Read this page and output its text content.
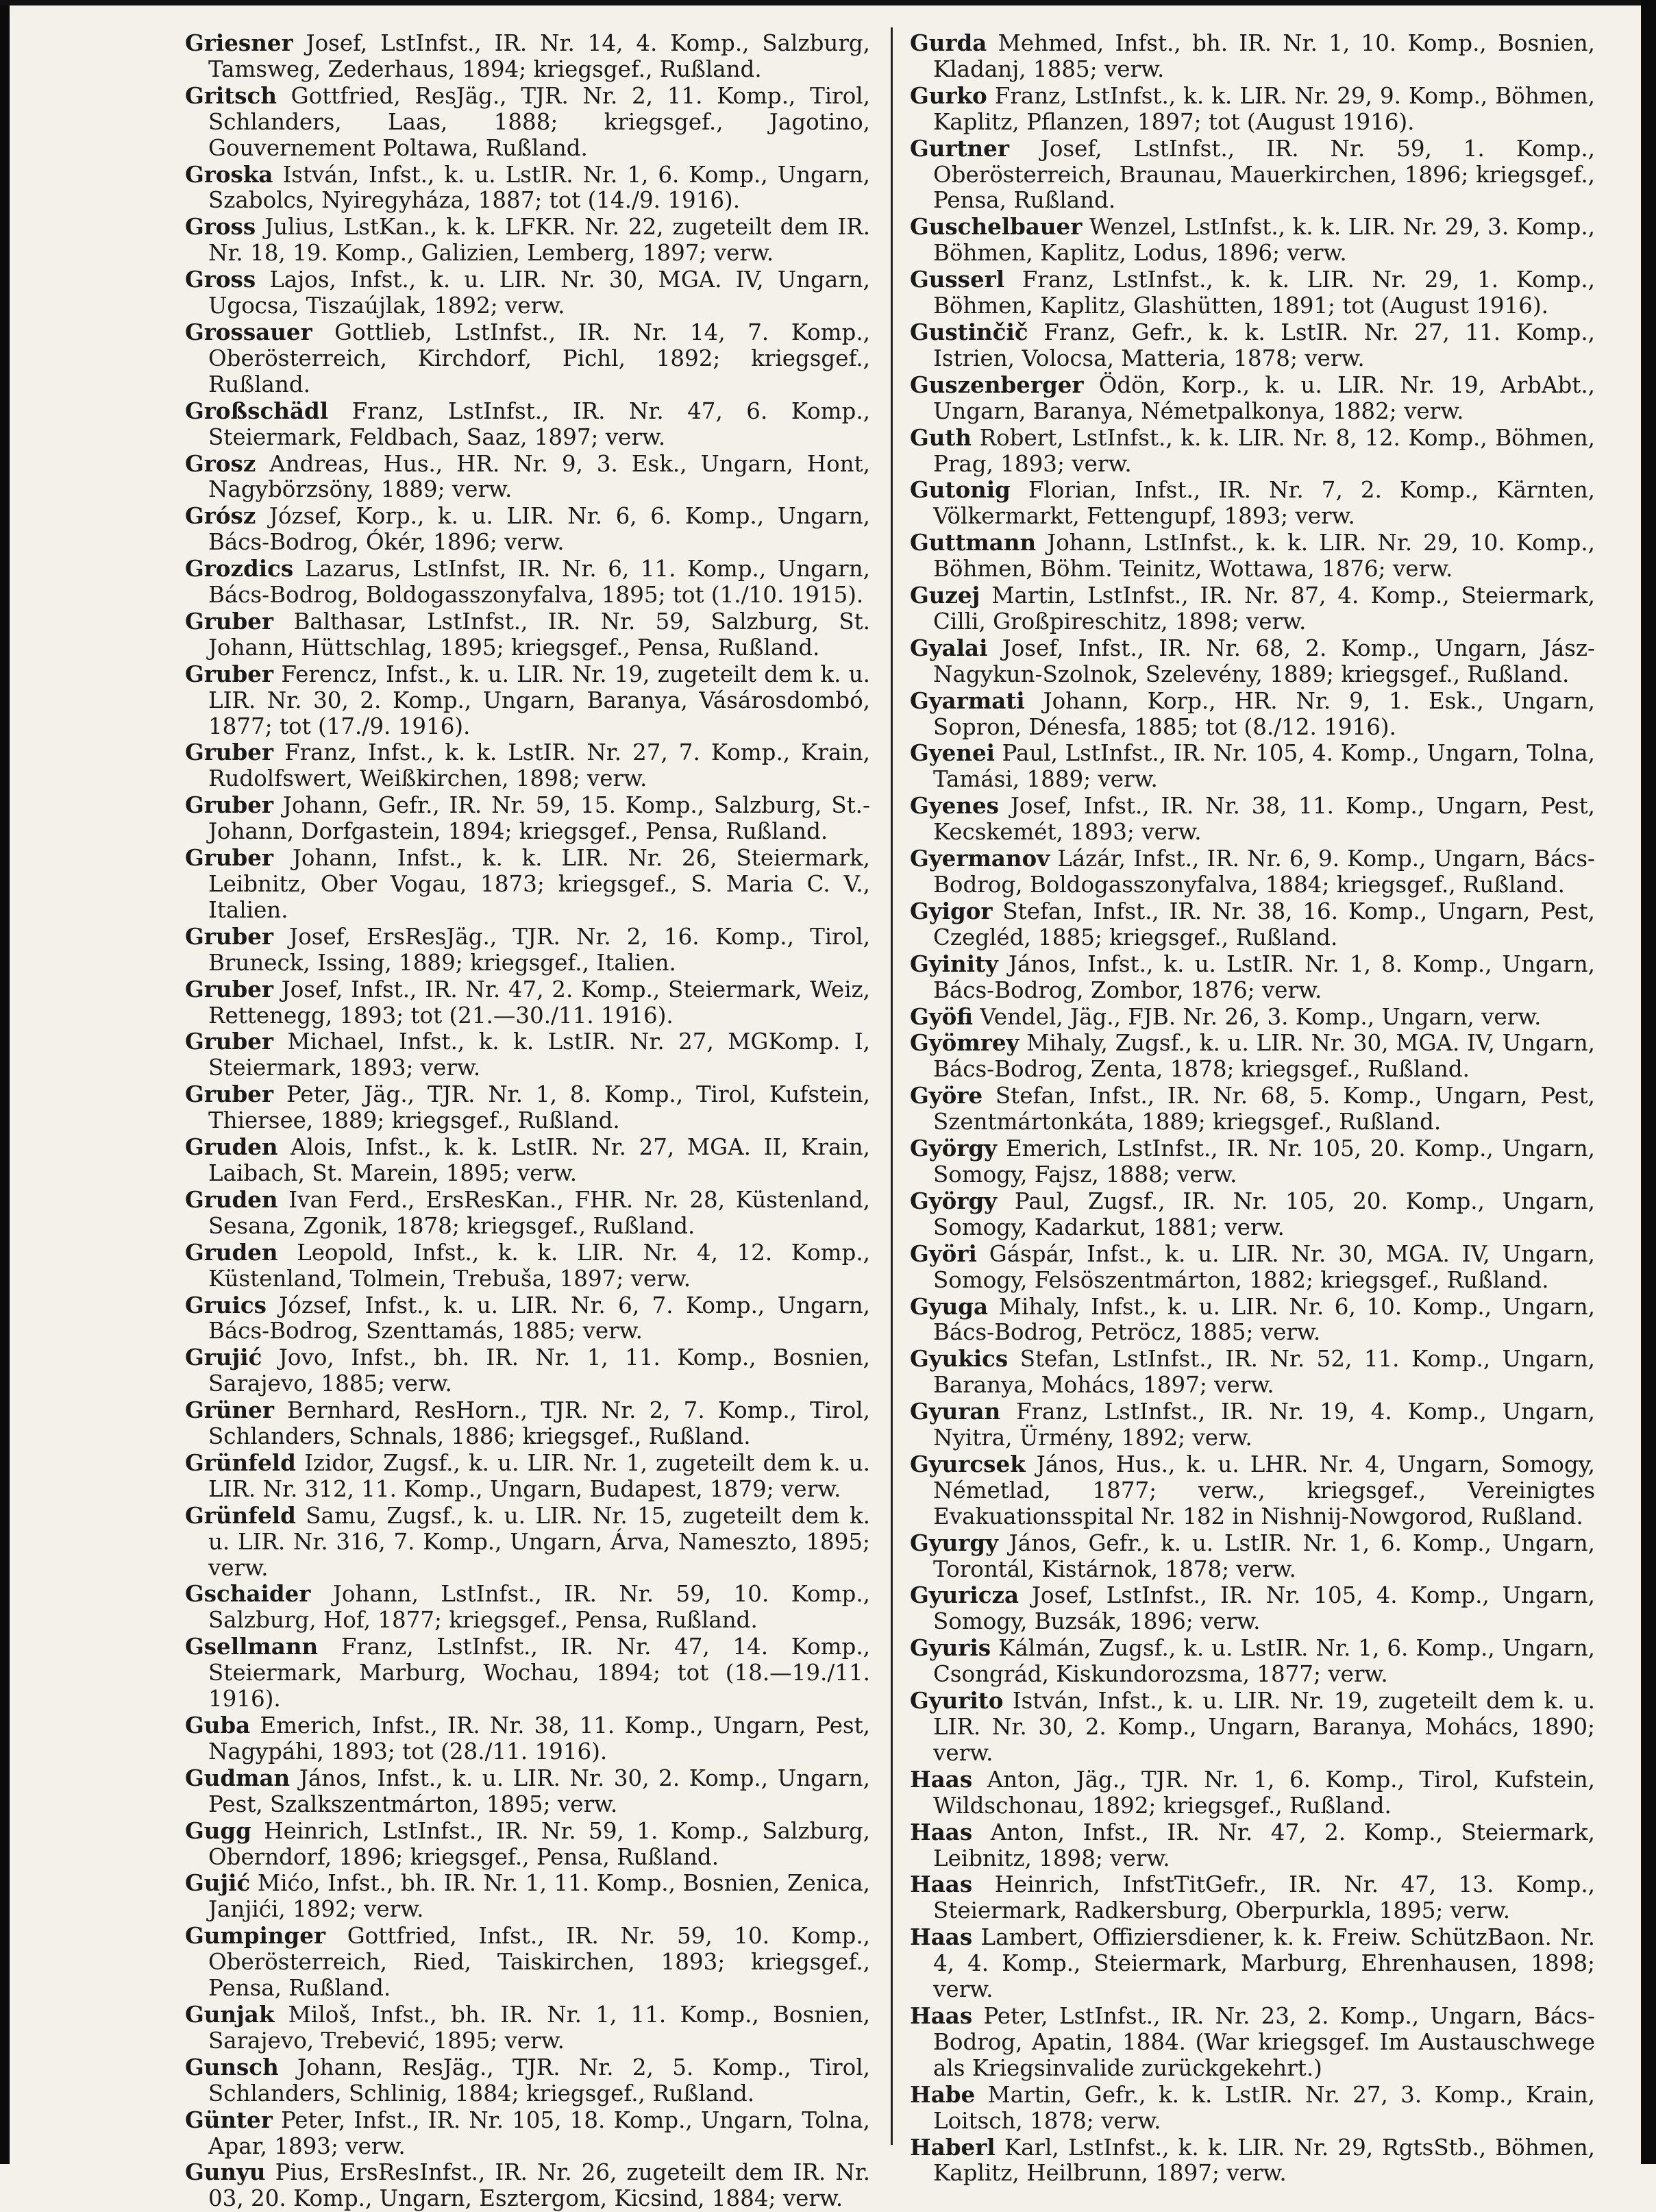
Griesner Josef, LstInfst., IR. Nr. 14, 4. Komp., Salzburg, Tamsweg, Zederhaus, 1894; kriegsgef., Rußland.

Gritsch Gottfried, ResJäg., TJR. Nr. 2, 11. Komp., Tirol, Schlanders, Laas, 1888; kriegsgef., Jagotino, Gouvernement Poltawa, Rußland.

Groska István, Infst., k. u. LstIR. Nr. 1, 6. Komp., Ungarn, Szabolcs, Nyiregyháza, 1887; tot (14./9. 1916).

Gross Julius, LstKan., k. k. LFKR. Nr. 22, zugeteilt dem IR. Nr. 18, 19. Komp., Galizien, Lemberg, 1897; verw.

Gross Lajos, Infst., k. u. LIR. Nr. 30, MGA. IV, Ungarn, Ugocsa, Tiszaújlak, 1892; verw.

Grossauer Gottlieb, LstInfst., IR. Nr. 14, 7. Komp., Oberösterreich, Kirchdorf, Pichl, 1892; kriegsgef., Rußland.

Großschädl Franz, LstInfst., IR. Nr. 47, 6. Komp., Steiermark, Feldbach, Saaz, 1897; verw.

Grosz Andreas, Hus., HR. Nr. 9, 3. Esk., Ungarn, Hont, Nagybörzsöny, 1889; verw.

Grósz József, Korp., k. u. LIR. Nr. 6, 6. Komp., Ungarn, Bács-Bodrog, Ókér, 1896; verw.

Grozdics Lazarus, LstInfst, IR. Nr. 6, 11. Komp., Ungarn, Bács-Bodrog, Boldogasszonyfalva, 1895; tot (1./10. 1915).

Gruber Balthasar, LstInfst., IR. Nr. 59, Salzburg, St. Johann, Hüttschlag, 1895; kriegsgef., Pensa, Rußland.

Gruber Ferencz, Infst., k. u. LIR. Nr. 19, zugeteilt dem k. u. LIR. Nr. 30, 2. Komp., Ungarn, Baranya, Vásárosdombó, 1877; tot (17./9. 1916).

Gruber Franz, Infst., k. k. LstIR. Nr. 27, 7. Komp., Krain, Rudolfswert, Weißkirchen, 1898; verw.

Gruber Johann, Gefr., IR. Nr. 59, 15. Komp., Salzburg, St.-Johann, Dorfgastein, 1894; kriegsgef., Pensa, Rußland.

Gruber Johann, Infst., k. k. LIR. Nr. 26, Steiermark, Leibnitz, Ober Vogau, 1873; kriegsgef., S. Maria C. V., Italien.

Gruber Josef, ErsResJäg., TJR. Nr. 2, 16. Komp., Tirol, Bruneck, Issing, 1889; kriegsgef., Italien.

Gruber Josef, Infst., IR. Nr. 47, 2. Komp., Steiermark, Weiz, Rettenegg, 1893; tot (21.—30./11. 1916).

Gruber Michael, Infst., k. k. LstIR. Nr. 27, MGKomp. I, Steiermark, 1893; verw.

Gruber Peter, Jäg., TJR. Nr. 1, 8. Komp., Tirol, Kufstein, Thiersee, 1889; kriegsgef., Rußland.

Gruden Alois, Infst., k. k. LstIR. Nr. 27, MGA. II, Krain, Laibach, St. Marein, 1895; verw.

Gruden Ivan Ferd., ErsResKan., FHR. Nr. 28, Küstenland, Sesana, Zgonik, 1878; kriegsgef., Rußland.

Gruden Leopold, Infst., k. k. LIR. Nr. 4, 12. Komp., Küstenland, Tolmein, Trebuša, 1897; verw.

Gruics József, Infst., k. u. LIR. Nr. 6, 7. Komp., Ungarn, Bács-Bodrog, Szenttamás, 1885; verw.

Grujić Jovo, Infst., bh. IR. Nr. 1, 11. Komp., Bosnien, Sarajevo, 1885; verw.

Grüner Bernhard, ResHorn., TJR. Nr. 2, 7. Komp., Tirol, Schlanders, Schnals, 1886; kriegsgef., Rußland.

Grünfeld Izidor, Zugsf., k. u. LIR. Nr. 1, zugeteilt dem k. u. LIR. Nr. 312, 11. Komp., Ungarn, Budapest, 1879; verw.

Grünfeld Samu, Zugsf., k. u. LIR. Nr. 15, zugeteilt dem k. u. LIR. Nr. 316, 7. Komp., Ungarn, Árva, Nameszto, 1895; verw.

Gschaider Johann, LstInfst., IR. Nr. 59, 10. Komp., Salzburg, Hof, 1877; kriegsgef., Pensa, Rußland.

Gsellmann Franz, LstInfst., IR. Nr. 47, 14. Komp., Steiermark, Marburg, Wochau, 1894; tot (18.—19./11. 1916).

Guba Emerich, Infst., IR. Nr. 38, 11. Komp., Ungarn, Pest, Nagypáhi, 1893; tot (28./11. 1916).

Gudman János, Infst., k. u. LIR. Nr. 30, 2. Komp., Ungarn, Pest, Szalkszentmárton, 1895; verw.

Gugg Heinrich, LstInfst., IR. Nr. 59, 1. Komp., Salzburg, Oberndorf, 1896; kriegsgef., Pensa, Rußland.

Gujić Mićo, Infst., bh. IR. Nr. 1, 11. Komp., Bosnien, Zenica, Janjići, 1892; verw.

Gumpinger Gottfried, Infst., IR. Nr. 59, 10. Komp., Oberösterreich, Ried, Taiskirchen, 1893; kriegsgef., Pensa, Rußland.

Gunjak Miloš, Infst., bh. IR. Nr. 1, 11. Komp., Bosnien, Sarajevo, Trebević, 1895; verw.

Gunsch Johann, ResJäg., TJR. Nr. 2, 5. Komp., Tirol, Schlanders, Schlinig, 1884; kriegsgef., Rußland.

Günter Peter, Infst., IR. Nr. 105, 18. Komp., Ungarn, Tolna, Apar, 1893; verw.

Gunyu Pius, ErsResInfst., IR. Nr. 26, zugeteilt dem IR. Nr. 03, 20. Komp., Ungarn, Esztergom, Kicsind, 1884; verw.

Gurda Mehmed, Infst., bh. IR. Nr. 1, 10. Komp., Bosnien, Kladanj, 1885; verw.

Gurko Franz, LstInfst., k. k. LIR. Nr. 29, 9. Komp., Böhmen, Kaplitz, Pflanzen, 1897; tot (August 1916).

Gurtner Josef, LstInfst., IR. Nr. 59, 1. Komp., Oberösterreich, Braunau, Mauerkirchen, 1896; kriegsgef., Pensa, Rußland.

Guschelbauer Wenzel, LstInfst., k. k. LIR. Nr. 29, 3. Komp., Böhmen, Kaplitz, Lodus, 1896; verw.

Gusserl Franz, LstInfst., k. k. LIR. Nr. 29, 1. Komp., Böhmen, Kaplitz, Glashütten, 1891; tot (August 1916).

Gustinčič Franz, Gefr., k. k. LstIR. Nr. 27, 11. Komp., Istrien, Volocsa, Matteria, 1878; verw.

Guszenberger Ödön, Korp., k. u. LIR. Nr. 19, ArbAbt., Ungarn, Baranya, Németpalkonya, 1882; verw.

Guth Robert, LstInfst., k. k. LIR. Nr. 8, 12. Komp., Böhmen, Prag, 1893; verw.

Gutonig Florian, Infst., IR. Nr. 7, 2. Komp., Kärnten, Völkermarkt, Fettengupf, 1893; verw.

Guttmann Johann, LstInfst., k. k. LIR. Nr. 29, 10. Komp., Böhmen, Böhm. Teinitz, Wottawa, 1876; verw.

Guzej Martin, LstInfst., IR. Nr. 87, 4. Komp., Steiermark, Cilli, Großpireschitz, 1898; verw.

Gyalai Josef, Infst., IR. Nr. 68, 2. Komp., Ungarn, Jász-Nagykun-Szolnok, Szelevény, 1889; kriegsgef., Rußland.

Gyarmati Johann, Korp., HR. Nr. 9, 1. Esk., Ungarn, Sopron, Dénesfa, 1885; tot (8./12. 1916).

Gyenei Paul, LstInfst., IR. Nr. 105, 4. Komp., Ungarn, Tolna, Tamási, 1889; verw.

Gyenes Josef, Infst., IR. Nr. 38, 11. Komp., Ungarn, Pest, Kecskemét, 1893; verw.

Gyermanov Lázár, Infst., IR. Nr. 6, 9. Komp., Ungarn, Bács-Bodrog, Boldogasszonyfalva, 1884; kriegsgef., Rußland.

Gyigor Stefan, Infst., IR. Nr. 38, 16. Komp., Ungarn, Pest, Czegléd, 1885; kriegsgef., Rußland.

Gyinity János, Infst., k. u. LstIR. Nr. 1, 8. Komp., Ungarn, Bács-Bodrog, Zombor, 1876; verw.

Gyöfi Vendel, Jäg., FJB. Nr. 26, 3. Komp., Ungarn, verw.

Gyömrey Mihaly, Zugsf., k. u. LIR. Nr. 30, MGA. IV, Ungarn, Bács-Bodrog, Zenta, 1878; kriegsgef., Rußland.

Györe Stefan, Infst., IR. Nr. 68, 5. Komp., Ungarn, Pest, Szentmártonkáta, 1889; kriegsgef., Rußland.

György Emerich, LstInfst., IR. Nr. 105, 20. Komp., Ungarn, Somogy, Fajsz, 1888; verw.

György Paul, Zugsf., IR. Nr. 105, 20. Komp., Ungarn, Somogy, Kadarkut, 1881; verw.

Györi Gáspár, Infst., k. u. LIR. Nr. 30, MGA. IV, Ungarn, Somogy, Felsöszentmárton, 1882; kriegsgef., Rußland.

Gyuga Mihaly, Infst., k. u. LIR. Nr. 6, 10. Komp., Ungarn, Bács-Bodrog, Petröcz, 1885; verw.

Gyukics Stefan, LstInfst., IR. Nr. 52, 11. Komp., Ungarn, Baranya, Mohács, 1897; verw.

Gyuran Franz, LstInfst., IR. Nr. 19, 4. Komp., Ungarn, Nyitra, Ürmény, 1892; verw.

Gyurcsek János, Hus., k. u. LHR. Nr. 4, Ungarn, Somogy, Németlad, 1877; verw., kriegsgef., Vereinigtes Evakuationsspital Nr. 182 in Nishnij-Nowgorod, Rußland.

Gyurgy János, Gefr., k. u. LstIR. Nr. 1, 6. Komp., Ungarn, Torontál, Kistárnok, 1878; verw.

Gyuricza Josef, LstInfst., IR. Nr. 105, 4. Komp., Ungarn, Somogy, Buzsák, 1896; verw.

Gyuris Kálmán, Zugsf., k. u. LstIR. Nr. 1, 6. Komp., Ungarn, Csongrád, Kiskundorozsma, 1877; verw.

Gyurito István, Infst., k. u. LIR. Nr. 19, zugeteilt dem k. u. LIR. Nr. 30, 2. Komp., Ungarn, Baranya, Mohács, 1890; verw.

Haas Anton, Jäg., TJR. Nr. 1, 6. Komp., Tirol, Kufstein, Wildschonau, 1892; kriegsgef., Rußland.

Haas Anton, Infst., IR. Nr. 47, 2. Komp., Steiermark, Leibnitz, 1898; verw.

Haas Heinrich, InfstTitGefr., IR. Nr. 47, 13. Komp., Steiermark, Radkersburg, Oberpurkla, 1895; verw.

Haas Lambert, Offiziersdiener, k. k. Freiw. SchützBaon. Nr. 4, 4. Komp., Steiermark, Marburg, Ehrenhausen, 1898; verw.

Haas Peter, LstInfst., IR. Nr. 23, 2. Komp., Ungarn, Bács-Bodrog, Apatin, 1884. (War kriegsgef. Im Austauschwege als Kriegsinvalide zurückgekehrt.)

Habe Martin, Gefr., k. k. LstIR. Nr. 27, 3. Komp., Krain, Loitsch, 1878; verw.

Haberl Karl, LstInfst., k. k. LIR. Nr. 29, RgtsStb., Böhmen, Kaplitz, Heilbrunn, 1897; verw.
